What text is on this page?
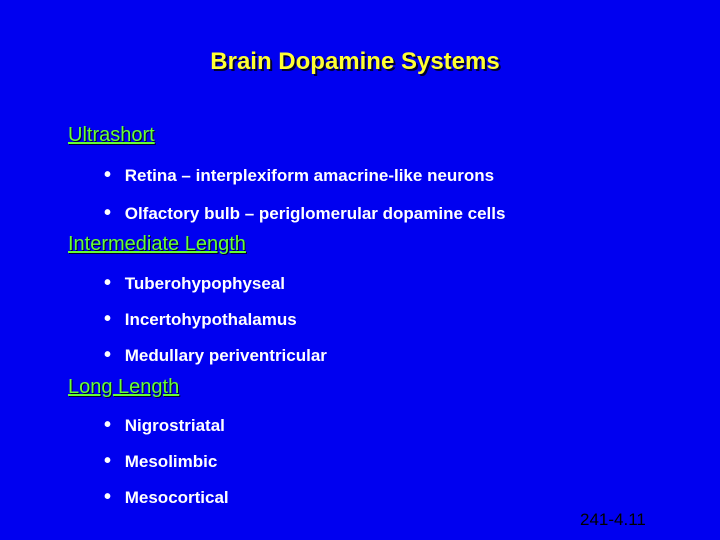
Brain Dopamine Systems
Ultrashort
• Retina – interplexiform amacrine-like neurons
• Olfactory bulb – periglomerular dopamine cells
Intermediate Length
• Tuberohypophyseal
• Incertohypothalamus
• Medullary periventricular
Long Length
• Nigrostriatal
• Mesolimbic
• Mesocortical
241-4.11
